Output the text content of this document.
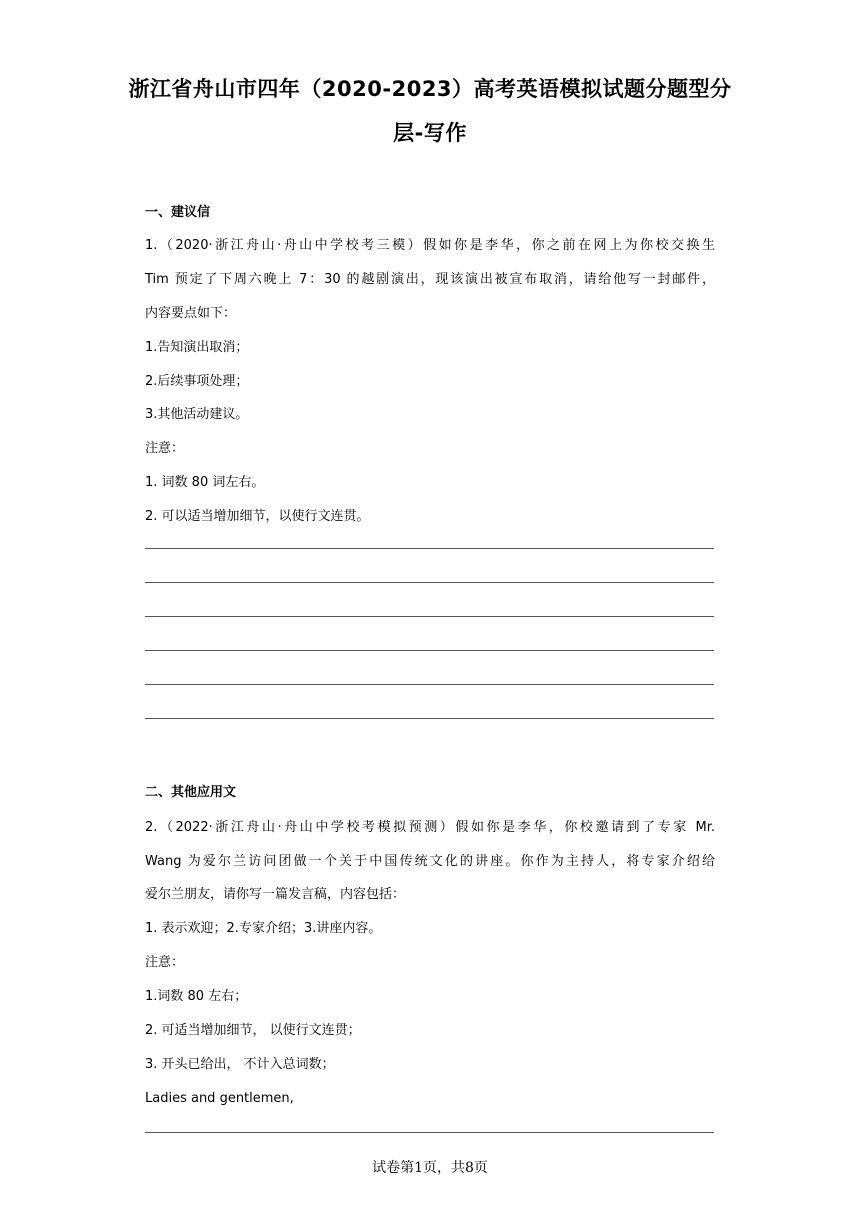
浙江省舟山市四年（2020-2023）高考英语模拟试题分题型分
层-写作
一、建议信
1.（2020·浙江舟山·舟山中学校考三模）假如你是李华，你之前在网上为你校交换生
Tim 预定了下周六晚上 7：30 的越剧演出，现该演出被宣布取消，请给他写一封邮件，
内容要点如下：
1.告知演出取消；
2.后续事项处理；
3.其他活动建议。
注意：
1. 词数 80 词左右。
2. 可以适当增加细节，以使行文连贯。
二、其他应用文
2.（2022·浙江舟山·舟山中学校考模拟预测）假如你是李华，你校邀请到了专家 Mr.
Wang 为爱尔兰访问团做一个关于中国传统文化的讲座。你作为主持人，将专家介绍给
爱尔兰朋友，请你写一篇发言稿，内容包括：
1. 表示欢迎；2.专家介绍；3.讲座内容。
注意：
1.词数 80 左右；
2. 可适当增加细节， 以使行文连贯；
3. 开头已给出， 不计入总词数；
Ladies and gentlemen,
试卷第1页，共8页
